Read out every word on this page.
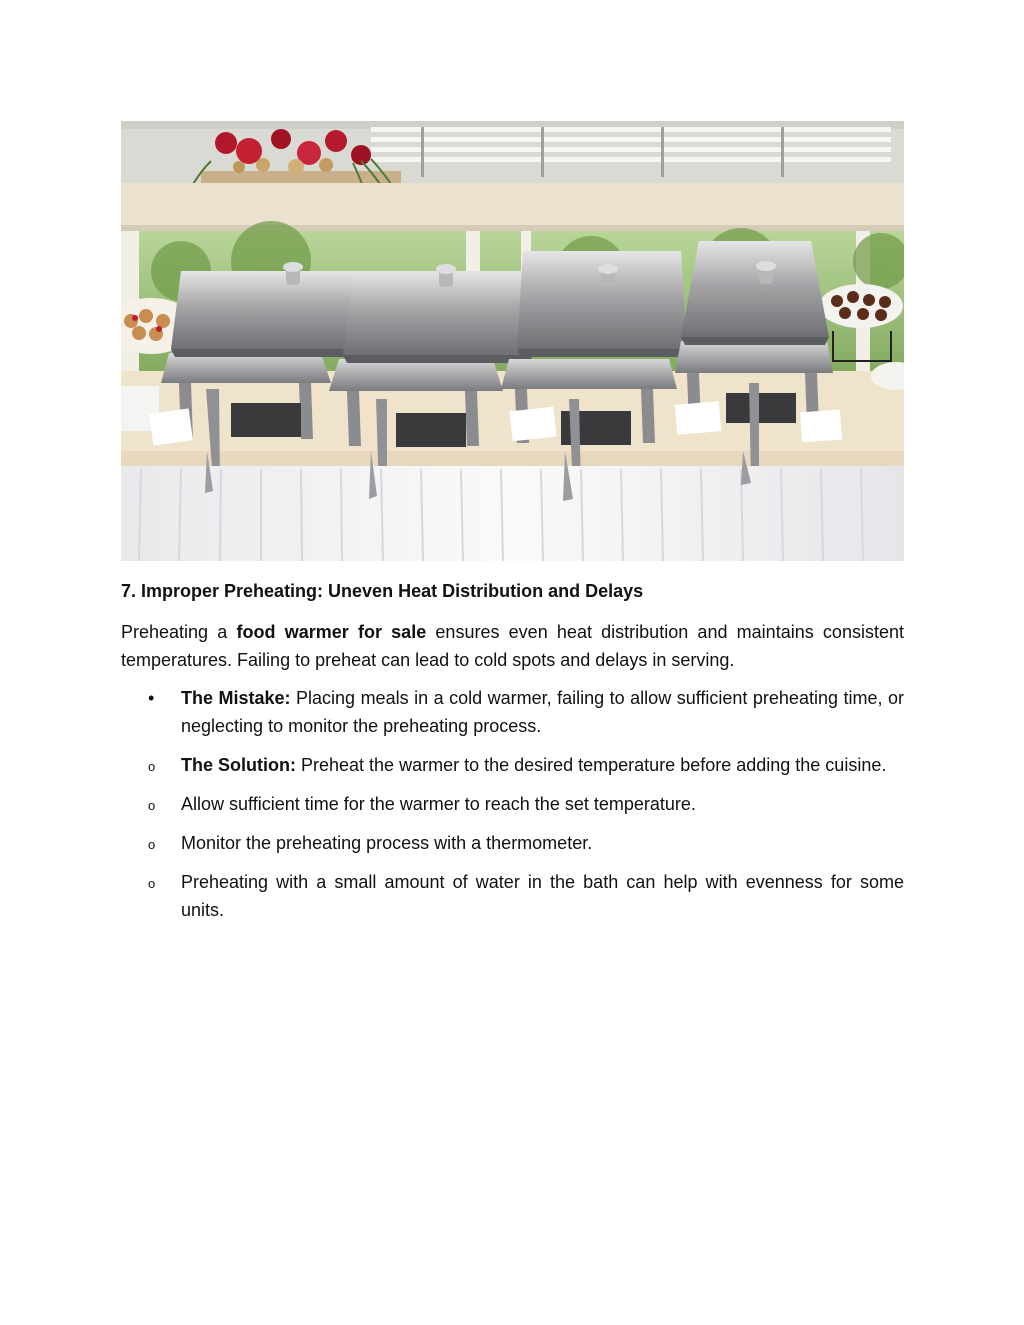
7. Improper Preheating: Uneven Heat Distribution and Delays
Preheating a food warmer for sale ensures even heat distribution and maintains consistent temperatures. Failing to preheat can lead to cold spots and delays in serving.
•	The Mistake: Placing meals in a cold warmer, failing to allow sufficient preheating time, or neglecting to monitor the preheating process.
o	The Solution: Preheat the warmer to the desired temperature before adding the cuisine.
o	Allow sufficient time for the warmer to reach the set temperature.
o	Monitor the preheating process with a thermometer.
o	Preheating with a small amount of water in the bath can help with evenness for some units.
